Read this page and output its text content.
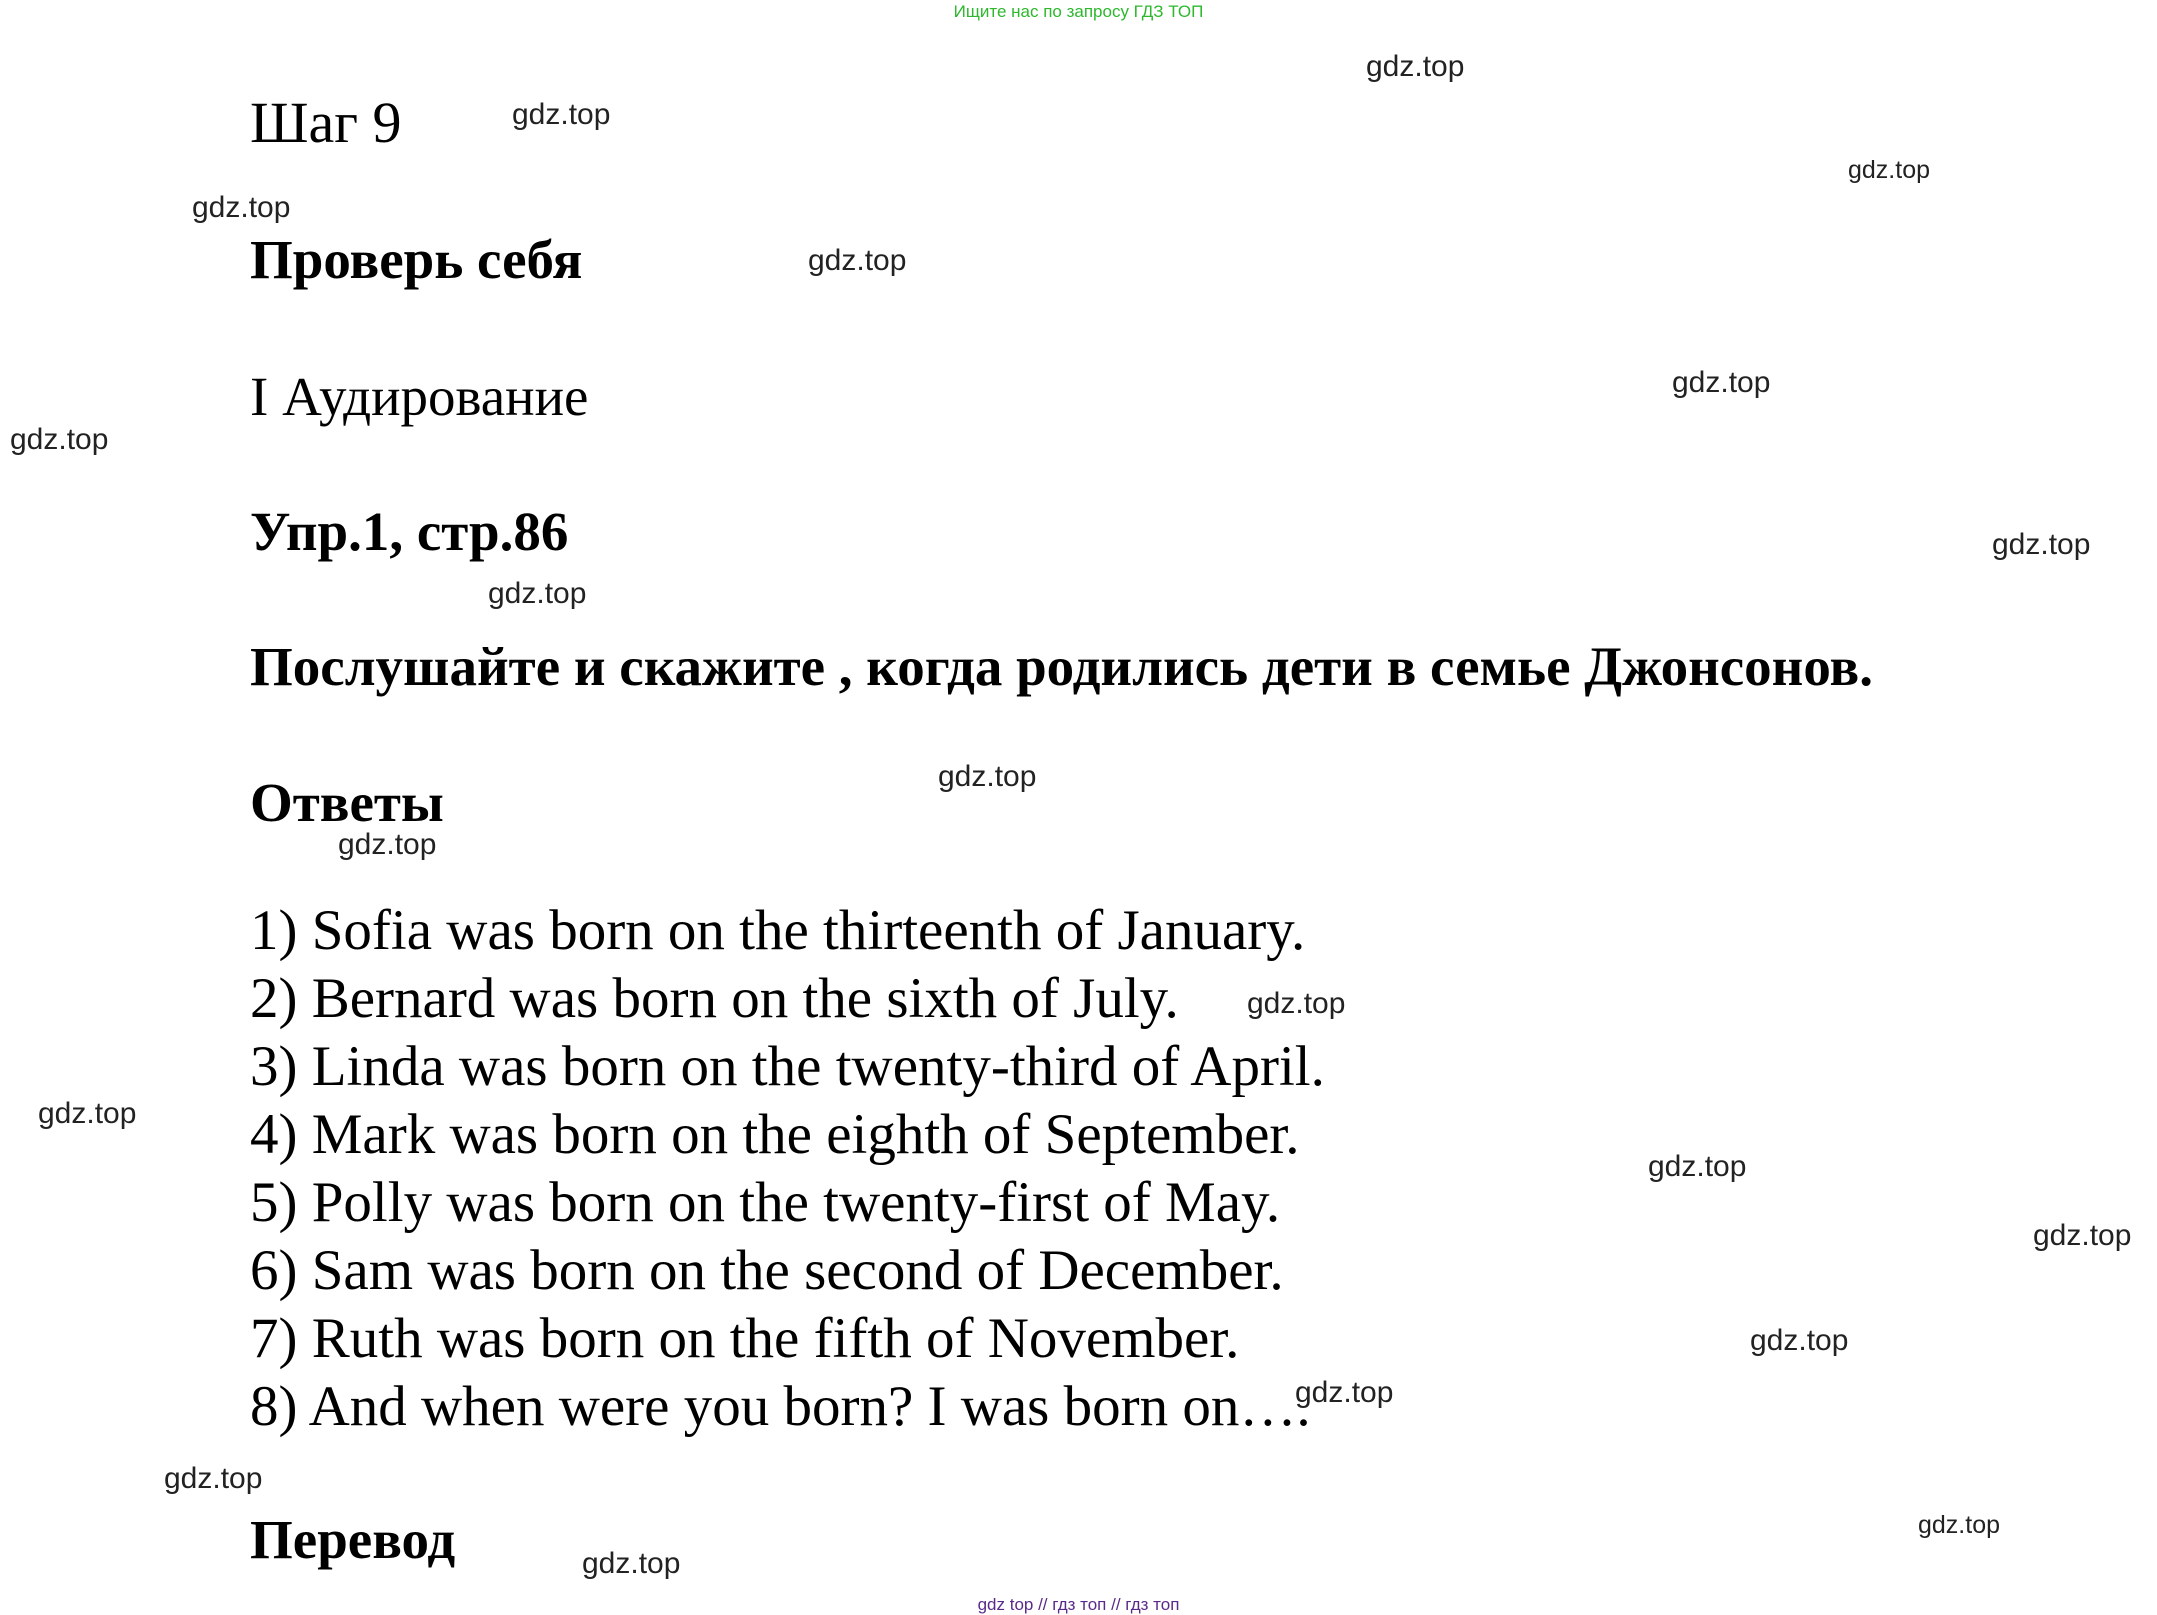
Ищите нас по запросу ГДЗ ТОП

Шаг 9
Проверь себя
I Аудирование
Упр.1, стр.86

Послушайте и скажите , когда родились дети в семье Джонсонов.

Ответы
1) Sofia was born on the thirteenth of January.
2) Bernard was born on the sixth of July.
3) Linda was born on the twenty-third of April.
4) Mark was born on the eighth of September.
5) Polly was born on the twenty-first of May.
6) Sam was born on the second of December.
7) Ruth was born on the fifth of November.
8) And when were you born? I was born on….
Перевод
gdz.top
gdz.top
gdz.top
gdz.top
gdz.top
gdz.top
gdz.top
gdz.top
gdz.top
gdz.top
gdz.top
gdz.top
gdz.top
gdz.top
gdz.top
gdz.top
gdz.top
gdz.top
gdz.top
gdz.top

gdz top // гдз топ // гдз топ
